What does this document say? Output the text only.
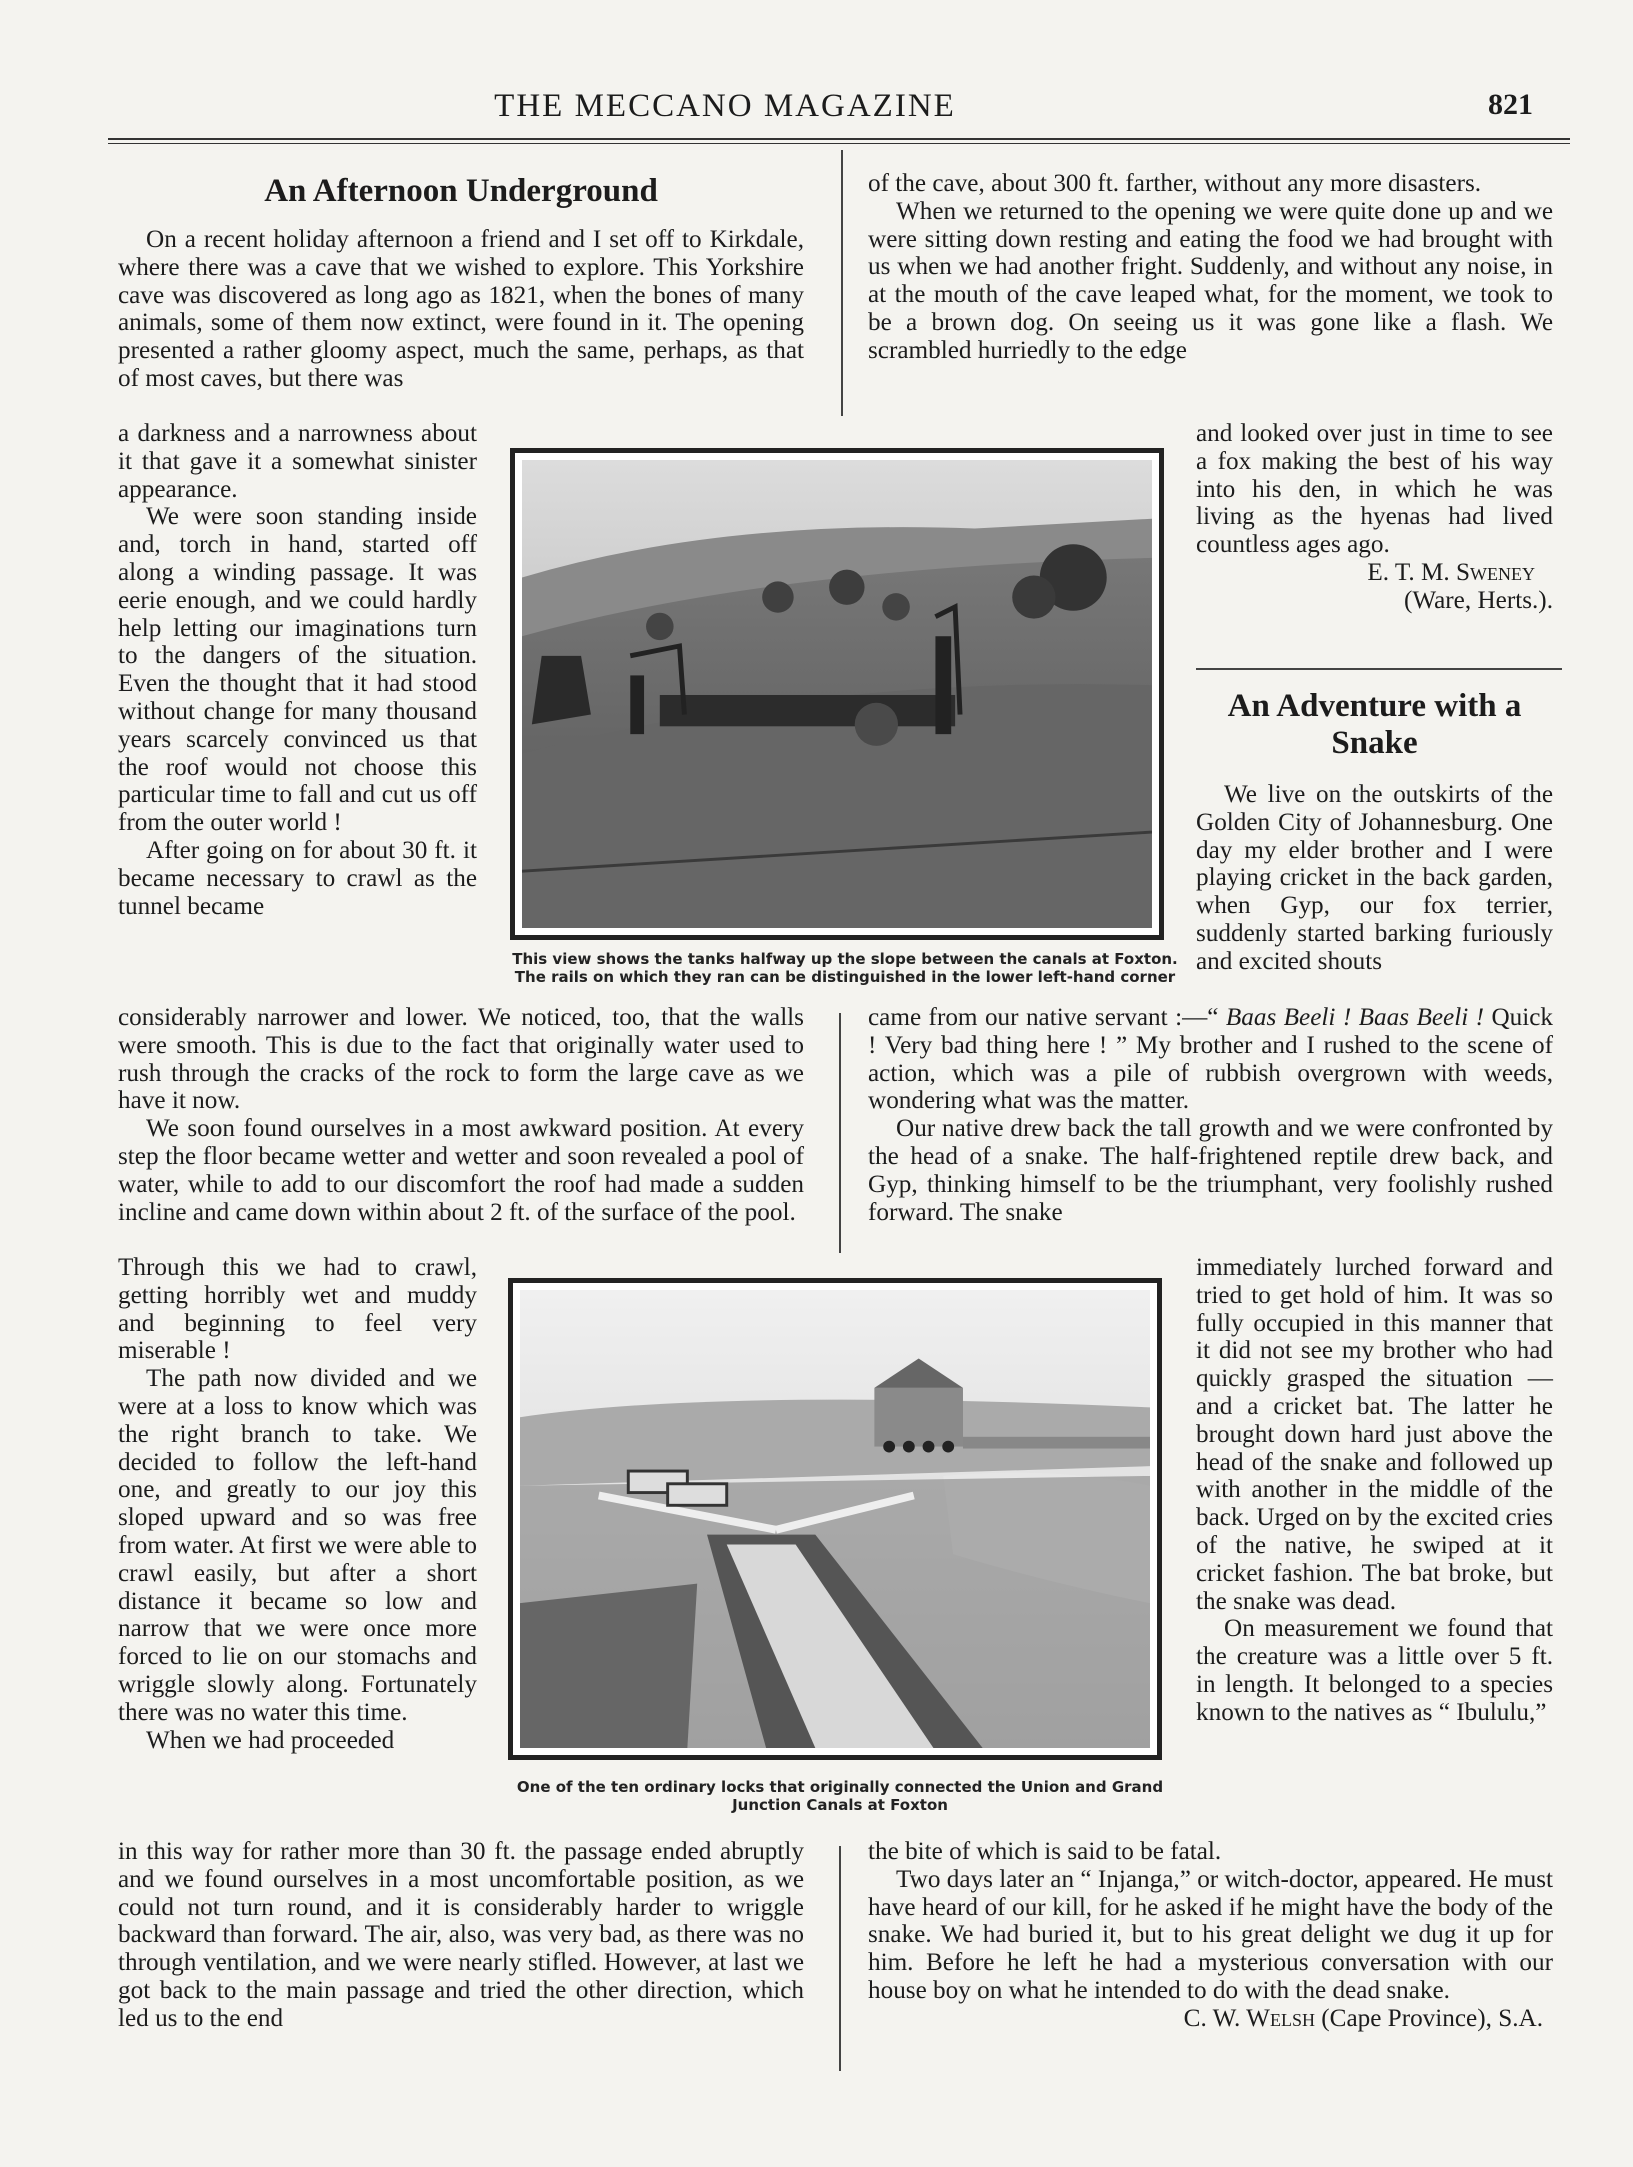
THE MECCANO MAGAZINE	821
An Afternoon Underground

On a recent holiday afternoon a friend and I set off to Kirkdale, where there was a cave that we wished to explore. This Yorkshire cave was discovered as long ago as 1821, when the bones of many animals, some of them now extinct, were found in it. The opening presented a rather gloomy aspect, much the same, perhaps, as that of most caves, but there was

a darkness and a narrowness about it that gave it a somewhat sinister appearance.

We were soon standing inside and, torch in hand, started off along a winding passage. It was eerie enough, and we could hardly help letting our imaginations turn to the dangers of the situation. Even the thought that it had stood without change for many thousand years scarcely convinced us that the roof would not choose this particular time to fall and cut us off from the outer world !

After going on for about 30 ft. it became necessary to crawl as the tunnel became

considerably narrower and lower. We noticed, too, that the walls were smooth. This is due to the fact that originally water used to rush through the cracks of the rock to form the large cave as we have it now.

We soon found ourselves in a most awkward position. At every step the floor became wetter and wetter and soon revealed a pool of water, while to add to our discomfort the roof had made a sudden incline and came down within about 2 ft. of the surface of the pool.

Through this we had to crawl, getting horribly wet and muddy and beginning to feel very miserable !

The path now divided and we were at a loss to know which was the right branch to take. We decided to follow the left-hand one, and greatly to our joy this sloped upward and so was free from water. At first we were able to crawl easily, but after a short distance it became so low and narrow that we were once more forced to lie on our stomachs and wriggle slowly along. Fortunately there was no water this time.

When we had proceeded

in this way for rather more than 30 ft. the passage ended abruptly and we found ourselves in a most uncomfortable position, as we could not turn round, and it is considerably harder to wriggle backward than forward. The air, also, was very bad, as there was no through ventilation, and we were nearly stifled. However, at last we got back to the main passage and tried the other direction, which led us to the end

of the cave, about 300 ft. farther, without any more disasters.

When we returned to the opening we were quite done up and we were sitting down resting and eating the food we had brought with us when we had another fright. Suddenly, and without any noise, in at the mouth of the cave leaped what, for the moment, we took to be a brown dog. On seeing us it was gone like a flash. We scrambled hurriedly to the edge

and looked over just in time to see a fox making the best of his way into his den, in which he was living as the hyenas had lived countless ages ago.

E. T. M. Sweney

(Ware, Herts.).

An Adventure with a Snake

We live on the outskirts of the Golden City of Johannesburg. One day my elder brother and I were playing cricket in the back garden, when Gyp, our fox terrier, suddenly started barking furiously and excited shouts

came from our native servant :—“ Baas Beeli ! Baas Beeli ! Quick ! Very bad thing here ! ” My brother and I rushed to the scene of action, which was a pile of rubbish overgrown with weeds, wondering what was the matter.

Our native drew back the tall growth and we were confronted by the head of a snake. The half-frightened reptile drew back, and Gyp, thinking himself to be the triumphant, very foolishly rushed forward. The snake

immediately lurched forward and tried to get hold of him. It was so fully occupied in this manner that it did not see my brother who had quickly grasped the situation —and a cricket bat. The latter he brought down hard just above the head of the snake and followed up with another in the middle of the back. Urged on by the excited cries of the native, he swiped at it cricket fashion. The bat broke, but the snake was dead.

On measurement we found that the creature was a little over 5 ft. in length. It belonged to a species known to the natives as “ Ibululu,”

the bite of which is said to be fatal.

Two days later an “ Injanga,” or witch-doctor, appeared. He must have heard of our kill, for he asked if he might have the body of the snake. We had buried it, but to his great delight we dug it up for him. Before he left he had a mysterious conversation with our house boy on what he intended to do with the dead snake.

C. W. Welsh (Cape Province), S.A.

This view shows the tanks halfway up the slope between the canals at Foxton.
The rails on which they ran can be distinguished in the lower left-hand corner
One of the ten ordinary locks that originally connected the Union and Grand
Junction Canals at Foxton
